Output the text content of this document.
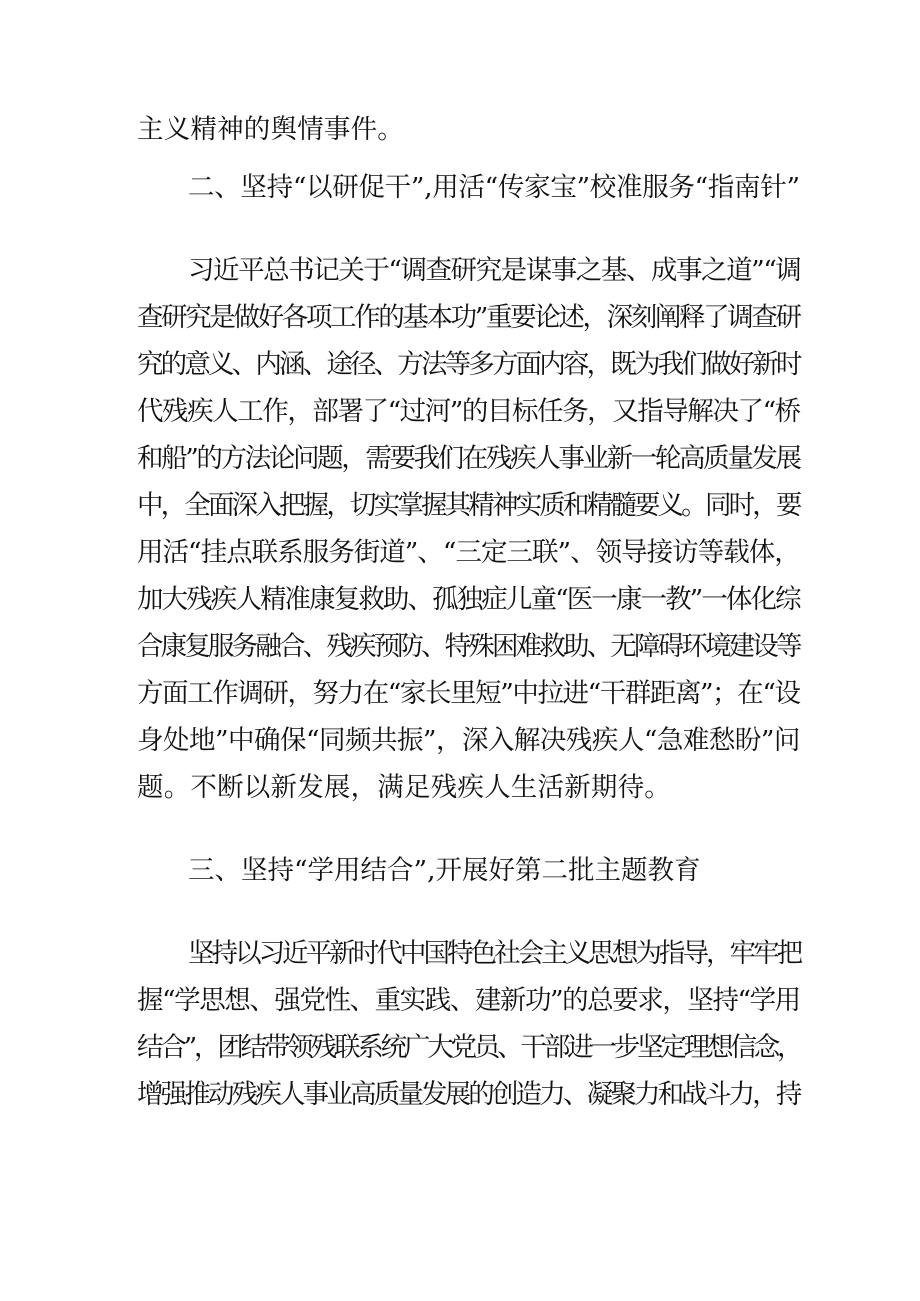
主义精神的舆情事件。
二、坚持“以研促干”,用活“传家宝”校准服务“指南针”
习近平总书记关于“调查研究是谋事之基、成事之道”“调
查研究是做好各项工作的基本功”重要论述，深刻阐释了调查研
究的意义、内涵、途径、方法等多方面内容，既为我们做好新时
代残疾人工作，部署了“过河”的目标任务，又指导解决了“桥
和船”的方法论问题，需要我们在残疾人事业新一轮高质量发展
中，全面深入把握，切实掌握其精神实质和精髓要义。同时，要
用活“挂点联系服务街道”、“三定三联”、领导接访等载体，
加大残疾人精准康复救助、孤独症儿童“医一康一教”一体化综
合康复服务融合、残疾预防、特殊困难救助、无障碍环境建设等
方面工作调研，努力在“家长里短”中拉进“干群距离”；在“设
身处地”中确保“同频共振”，深入解决残疾人“急难愁盼”问
题。不断以新发展，满足残疾人生活新期待。
三、坚持“学用结合”,开展好第二批主题教育
坚持以习近平新时代中国特色社会主义思想为指导，牢牢把
握“学思想、强党性、重实践、建新功”的总要求，坚持“学用
结合”，团结带领残联系统广大党员、干部进一步坚定理想信念，
增强推动残疾人事业高质量发展的创造力、凝聚力和战斗力，持
